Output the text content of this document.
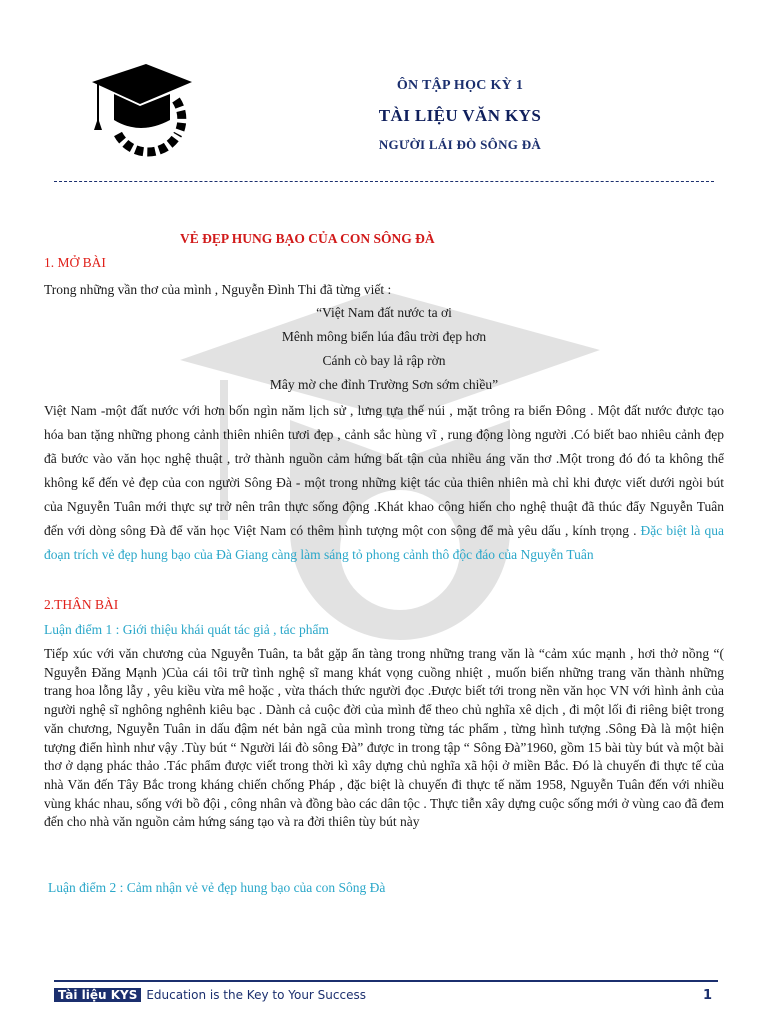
ÔN TẬP HỌC KỲ 1
TÀI LIỆU VĂN KYS
NGƯỜI LÁI ĐÒ SÔNG ĐÀ
VẺ ĐẸP HUNG BẠO CỦA CON SÔNG ĐÀ
1. MỞ BÀI
Trong những vần thơ của mình , Nguyễn Đình Thi đã từng viết :
“Việt Nam đất nước ta ơi
Mênh mông biển lúa đâu trời đẹp hơn
Cánh cò bay lả rập rờn
Mây mờ che đỉnh Trường Sơn sớm chiều”
Việt Nam -một đất nước với hơn bốn ngìn năm lịch sử , lưng tựa thế núi , mặt trông ra biển Đông . Một đất nước được tạo hóa ban tặng những phong cảnh thiên nhiên tươi đẹp , cảnh sắc hùng vĩ , rung động lòng người .Có biết bao nhiêu cảnh đẹp đã bước vào văn học nghệ thuật , trở thành nguồn cảm hứng bất tận của nhiều áng văn thơ .Một trong đó đó ta không thể không kể đến vẻ đẹp của con người Sông Đà - một trong những kiệt tác của thiên nhiên mà chỉ khi được viết dưới ngòi bút của Nguyễn Tuân mới thực sự trở nên trân thực sống động .Khát khao công hiến cho nghệ thuật đã thúc đẩy Nguyễn Tuân đến với dòng sông Đà để văn học Việt Nam có thêm hình tượng một con sông để mà yêu dấu , kính trọng . Đặc biệt là qua đoạn trích vẻ đẹp hung bạo của Đà Giang càng làm sáng tỏ phong cảnh thô độc đáo của Nguyễn Tuân
2.THÂN BÀI
Luận điểm 1 : Giới thiệu khái quát tác giả , tác phẩm
Tiếp xúc với văn chương của Nguyễn Tuân, ta bắt gặp ẩn tàng trong những trang văn là “cảm xúc mạnh , hơi thở nồng “( Nguyễn Đăng Mạnh )Của cái tôi trữ tình nghệ sĩ mang khát vọng cuồng nhiệt , muốn biến những trang văn thành những trang hoa lỗng lẫy , yêu kiều vừa mê hoặc , vừa thách thức người đọc .Được biết tới trong nền văn học VN với hình ảnh của người nghệ sĩ nghông nghênh kiêu bạc . Dành cả cuộc đời của mình để theo chủ nghĩa xê dịch , đi một lối đi riêng biệt trong văn chương, Nguyễn Tuân in dấu đậm nét bản ngã của mình trong từng tác phẩm , từng hình tượng .Sông Đà là một hiện tượng điển hình như vậy .Tùy bút “ Người lái đò sông Đà” được in trong tập “ Sông Đà”1960, gồm 15 bài tùy bút và một bài thơ ở dạng phác thảo .Tác phẩm được viết trong thời kì xây dựng chủ nghĩa xã hội ở miền Bắc. Đó là chuyến đi thực tế của nhà Văn đến Tây Bắc trong kháng chiến chống Pháp , đặc biệt là chuyến đi thực tế năm 1958, Nguyễn Tuân đến với nhiều vùng khác nhau, sống với bồ đội , công nhân và đồng bào các dân tộc . Thực tiễn xây dựng cuộc sống mới ở vùng cao đã đem đến cho nhà văn nguồn cảm hứng sáng tạo và ra đời thiên tùy bút này
Luận điểm 2 : Cảm nhận vẻ vẻ đẹp hung bạo của con Sông Đà
Tài liệu KYS Education is the Key to Your Success	1
